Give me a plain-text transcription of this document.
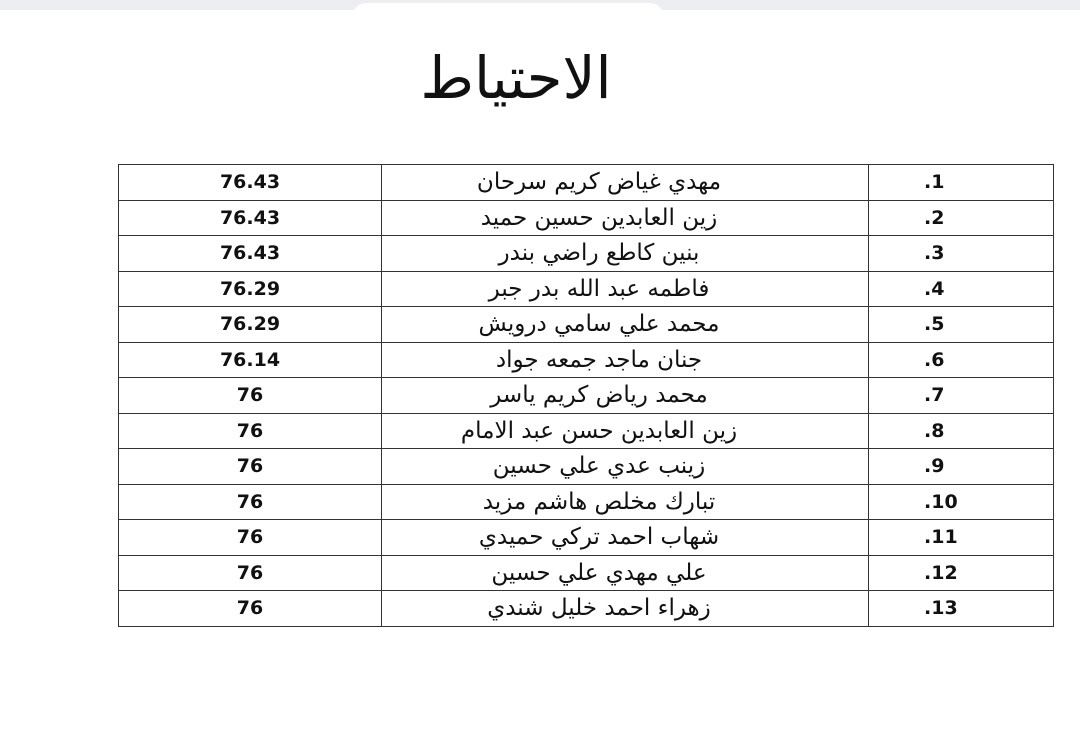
الاحتياط
76.43	مهدي غياض كريم سرحان	.1
76.43	زين العابدين حسين حميد	.2
76.43	بنين كاطع راضي بندر	.3
76.29	فاطمه عبد الله بدر جبر	.4
76.29	محمد علي سامي درويش	.5
76.14	جنان ماجد جمعه جواد	.6
76	محمد رياض كريم ياسر	.7
76	زين العابدين حسن عبد الامام	.8
76	زينب عدي علي حسين	.9
76	تبارك مخلص هاشم مزيد	.10
76	شهاب احمد تركي حميدي	.11
76	علي مهدي علي حسين	.12
76	زهراء احمد خليل شندي	.13
